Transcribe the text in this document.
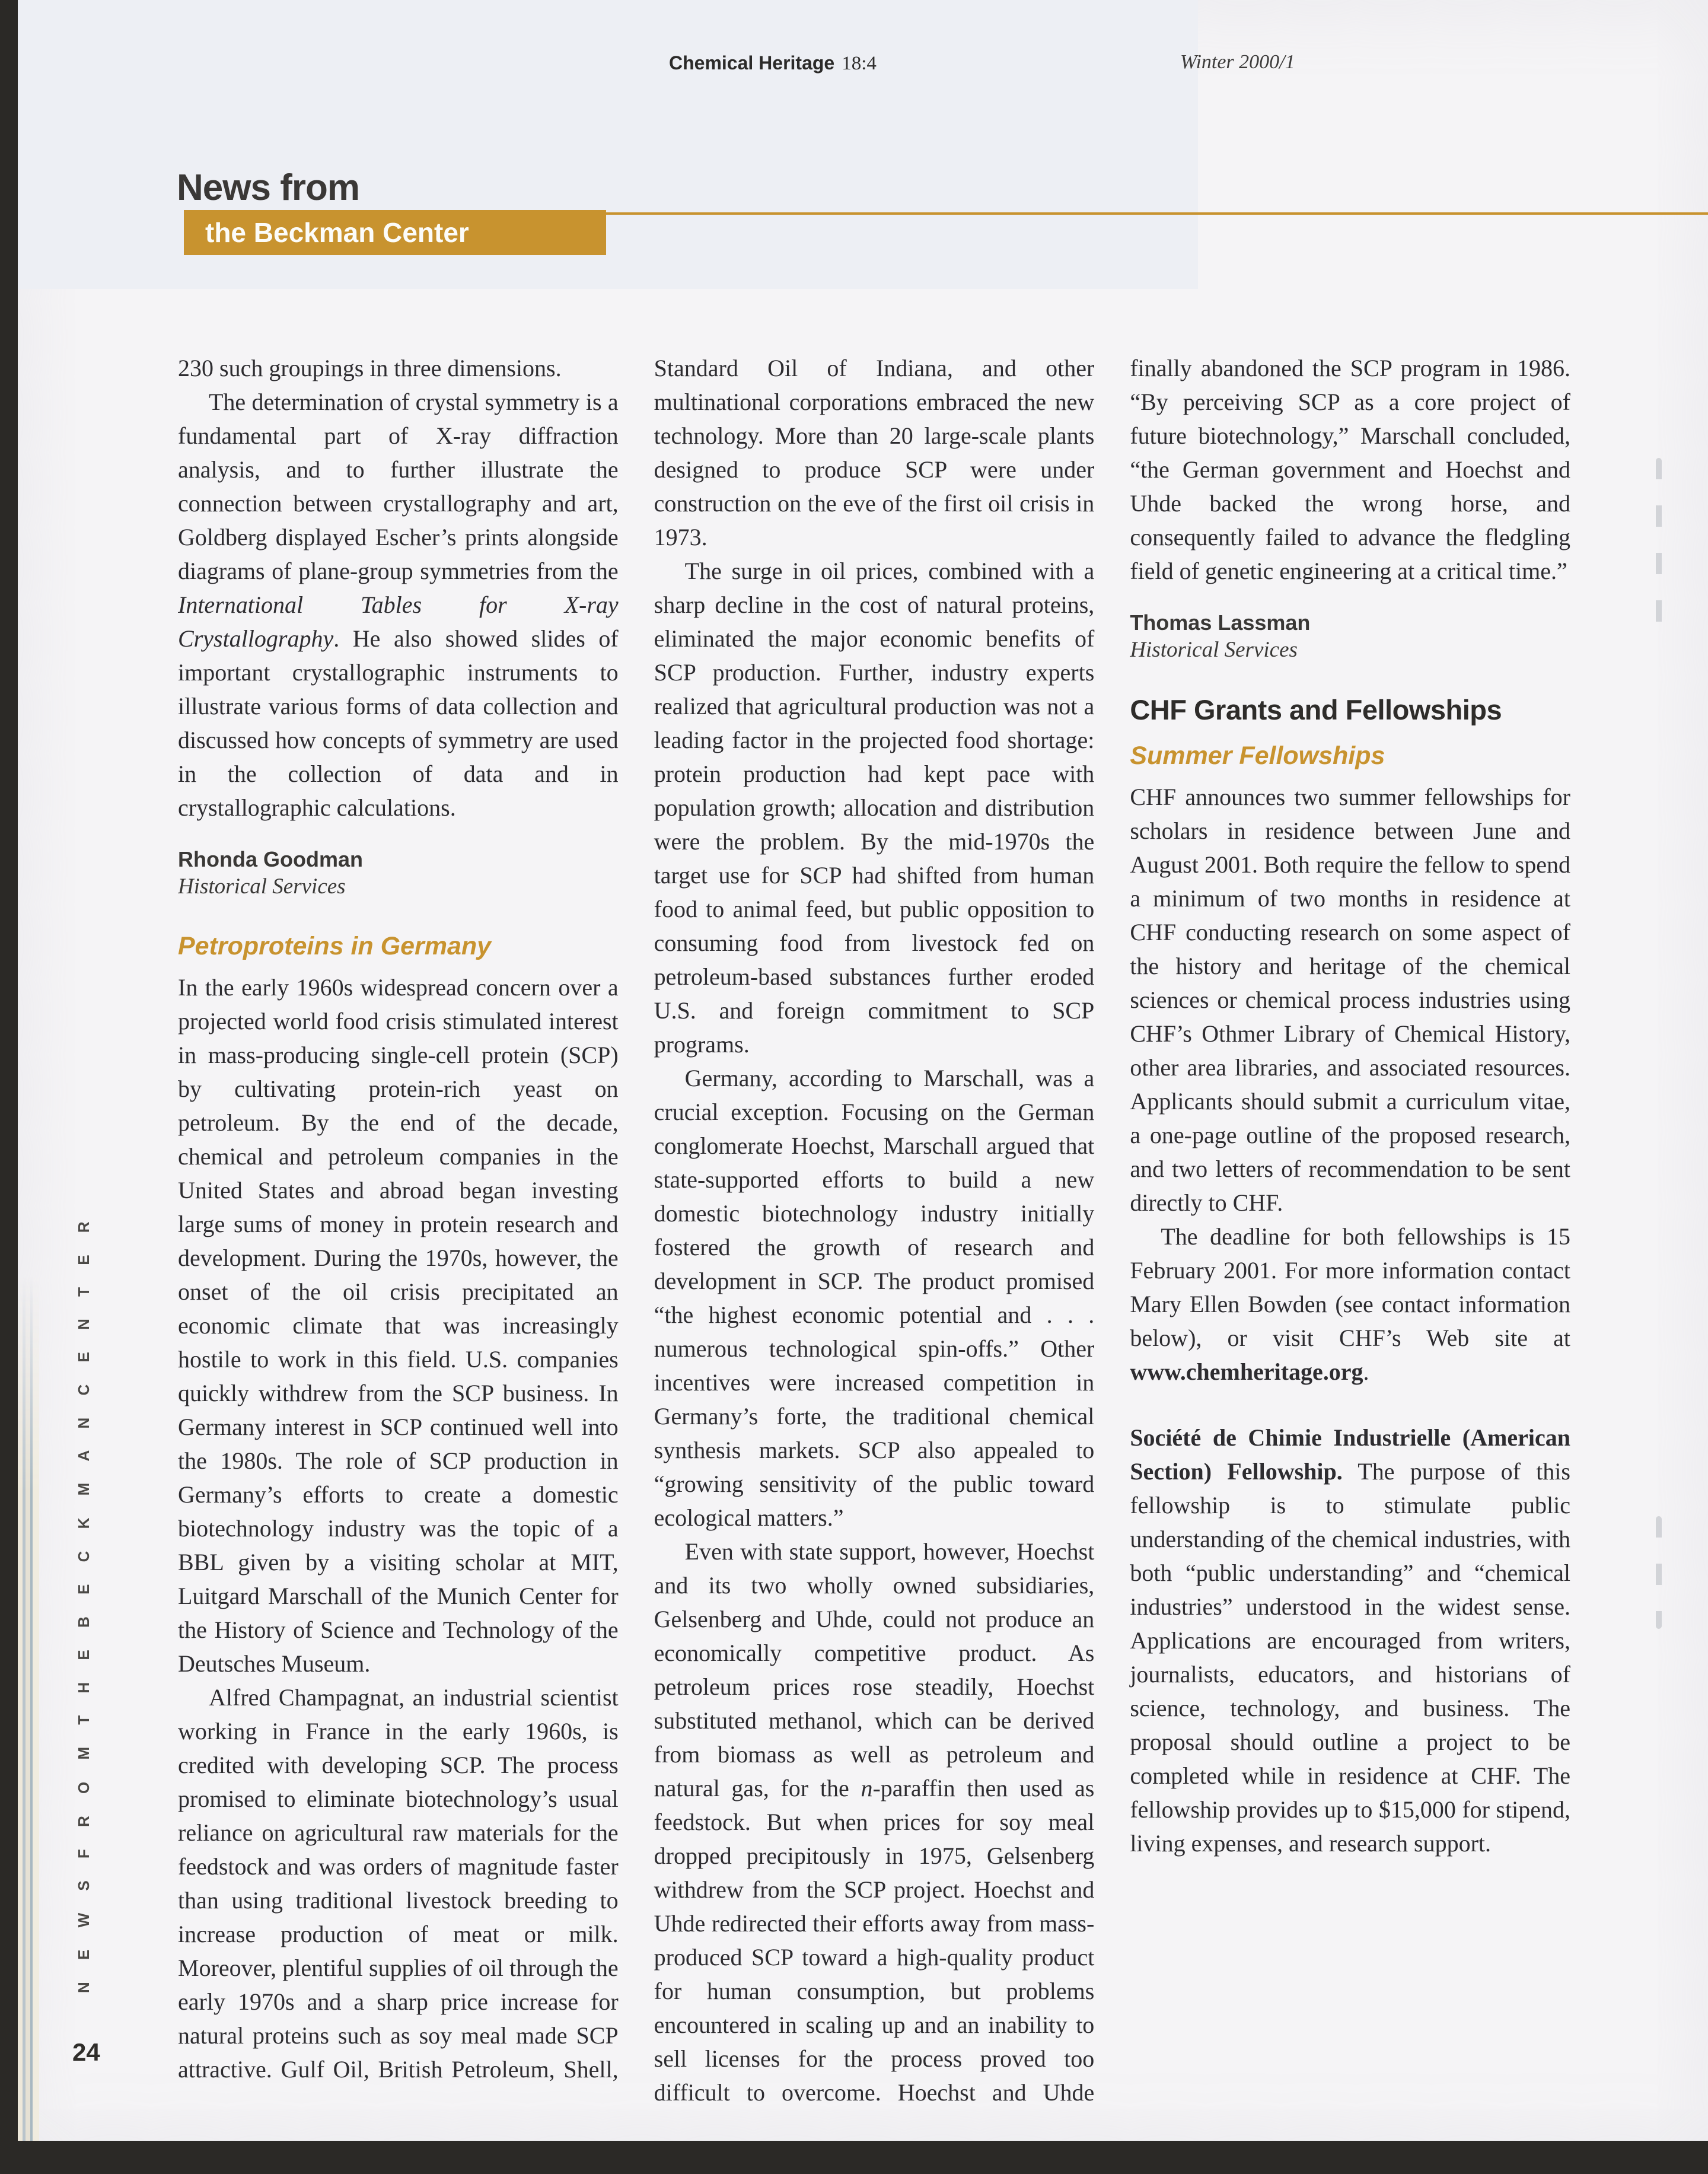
Chemical Heritage 18:4	Winter 2000/1
News from
the Beckman Center

230 such groupings in three dimensions.

The determination of crystal symmetry is a fundamental part of X-ray diffraction analysis, and to further illustrate the connection between crystallography and art, Goldberg displayed Escher’s prints alongside diagrams of plane-group symmetries from the International Tables for X-ray Crystallography. He also showed slides of important crystallographic instruments to illustrate various forms of data collection and discussed how concepts of symmetry are used in the collection of data and in crystallographic calculations.

Rhonda Goodman
Historical Services
Petroproteins in Germany

In the early 1960s widespread concern over a projected world food crisis stimulated interest in mass-producing single-cell protein (SCP) by cultivating protein-rich yeast on petroleum. By the end of the decade, chemical and petroleum companies in the United States and abroad began investing large sums of money in protein research and development. During the 1970s, however, the onset of the oil crisis precipitated an economic climate that was increasingly hostile to work in this field. U.S. companies quickly withdrew from the SCP business. In Germany interest in SCP continued well into the 1980s. The role of SCP production in Germany’s efforts to create a domestic biotechnology industry was the topic of a BBL given by a visiting scholar at MIT, Luitgard Marschall of the Munich Center for the History of Science and Technology of the Deutsches Museum.

Alfred Champagnat, an industrial scientist working in France in the early 1960s, is credited with developing SCP. The process promised to eliminate biotechnology’s usual reliance on agricultural raw materials for the feedstock and was orders of magnitude faster than using traditional livestock breeding to increase production of meat or milk. Moreover, plentiful supplies of oil through the early 1970s and a sharp price increase for natural proteins such as soy meal made SCP attractive. Gulf Oil, British Petroleum, Shell, Standard Oil of Indiana, and other multinational corporations embraced the new technology. More than 20 large-scale plants designed to produce SCP were under construction on the eve of the first oil crisis in 1973.

The surge in oil prices, combined with a sharp decline in the cost of natural proteins, eliminated the major economic benefits of SCP production. Further, industry experts realized that agricultural production was not a leading factor in the projected food shortage: protein production had kept pace with population growth; allocation and distribution were the problem. By the mid-1970s the target use for SCP had shifted from human food to animal feed, but public opposition to consuming food from livestock fed on petroleum-based substances further eroded U.S. and foreign commitment to SCP programs.

Germany, according to Marschall, was a crucial exception. Focusing on the German conglomerate Hoechst, Marschall argued that state-supported efforts to build a new domestic biotechnology industry initially fostered the growth of research and development in SCP. The product promised “the highest economic potential and . . . numerous technological spin-offs.” Other incentives were increased competition in Germany’s forte, the traditional chemical synthesis markets. SCP also appealed to “growing sensitivity of the public toward ecological matters.”

Even with state support, however, Hoechst and its two wholly owned subsidiaries, Gelsenberg and Uhde, could not produce an economically competitive product. As petroleum prices rose steadily, Hoechst substituted methanol, which can be derived from biomass as well as petroleum and natural gas, for the n-paraffin then used as feedstock. But when prices for soy meal dropped precipitously in 1975, Gelsenberg withdrew from the SCP project. Hoechst and Uhde redirected their efforts away from mass-produced SCP toward a high-quality product for human consumption, but problems encountered in scaling up and an inability to sell licenses for the process proved too difficult to overcome. Hoechst and Uhde finally abandoned the SCP program in 1986. “By perceiving SCP as a core project of future biotechnology,” Marschall concluded, “the German government and Hoechst and Uhde backed the wrong horse, and consequently failed to advance the fledgling field of genetic engineering at a critical time.”

Thomas Lassman
Historical Services
CHF Grants and Fellowships
Summer Fellowships

CHF announces two summer fellowships for scholars in residence between June and August 2001. Both require the fellow to spend a minimum of two months in residence at CHF conducting research on some aspect of the history and heritage of the chemical sciences or chemical process industries using CHF’s Othmer Library of Chemical History, other area libraries, and associated resources. Applicants should submit a curriculum vitae, a one-page outline of the proposed research, and two letters of recommendation to be sent directly to CHF.

The deadline for both fellowships is 15 February 2001. For more information contact Mary Ellen Bowden (see contact information below), or visit CHF’s Web site at www.chemheritage.org.

Société de Chimie Industrielle (American Section) Fellowship. The purpose of this fellowship is to stimulate public understanding of the chemical industries, with both “public understanding” and “chemical industries” understood in the widest sense. Applications are encouraged from writers, journalists, educators, and historians of science, technology, and business. The proposal should outline a project to be completed while in residence at CHF. The fellowship provides up to $15,000 for stipend, living expenses, and research support.

N E W S F R O M T H E B E C K M A N C E N T E R
24
